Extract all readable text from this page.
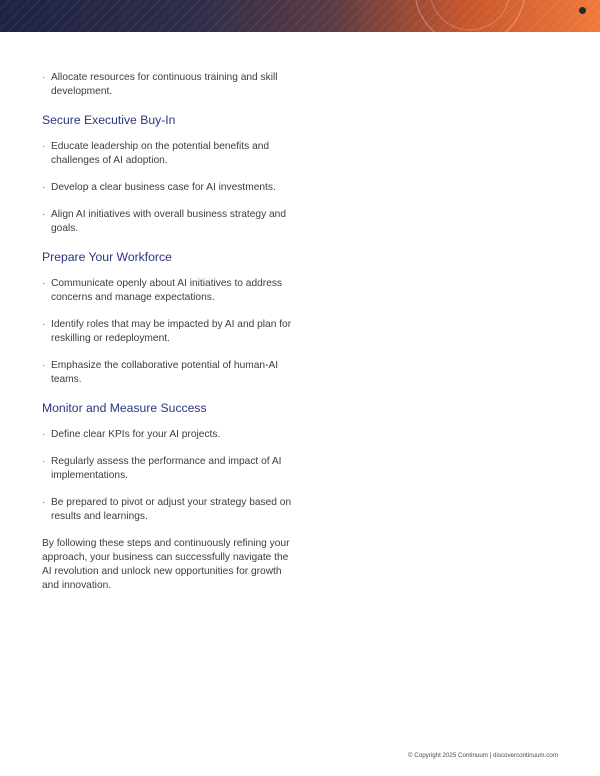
· Allocate resources for continuous training and skill development.
Secure Executive Buy-In
· Educate leadership on the potential benefits and challenges of AI adoption.
· Develop a clear business case for AI investments.
· Align AI initiatives with overall business strategy and goals.
Prepare Your Workforce
· Communicate openly about AI initiatives to address concerns and manage expectations.
· Identify roles that may be impacted by AI and plan for reskilling or redeployment.
· Emphasize the collaborative potential of human-AI teams.
Monitor and Measure Success
· Define clear KPIs for your AI projects.
· Regularly assess the performance and impact of AI implementations.
· Be prepared to pivot or adjust your strategy based on results and learnings.

By following these steps and continuously refining your approach, your business can successfully navigate the AI revolution and unlock new opportunities for growth and innovation.

© Copyright 2025 Continuum | discovercontinuum.com
